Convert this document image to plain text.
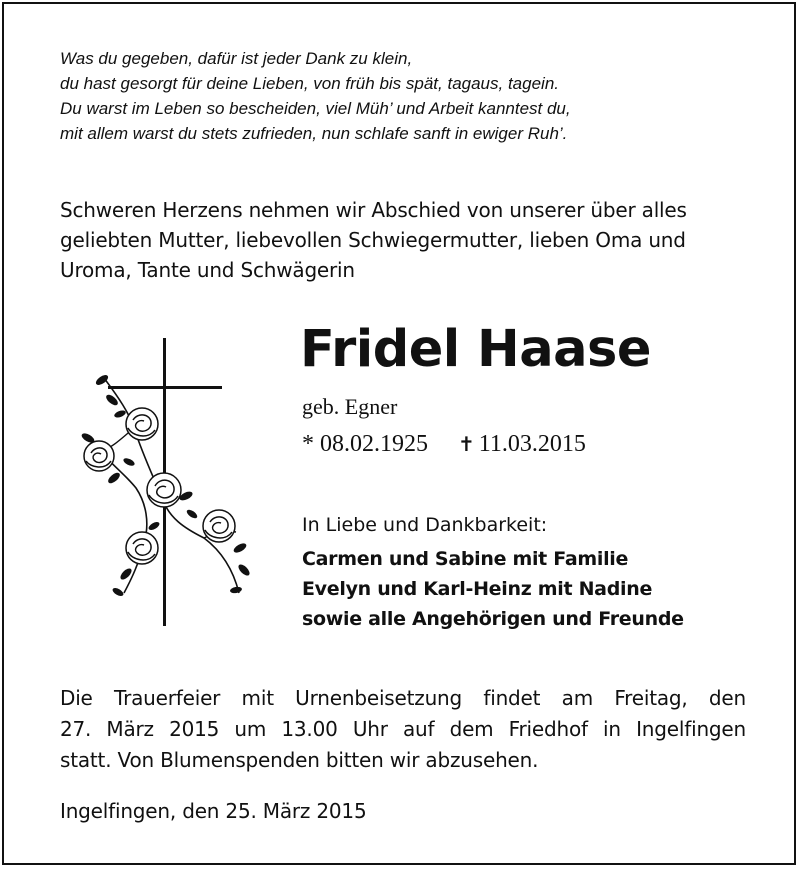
Was du gegeben, dafür ist jeder Dank zu klein,
du hast gesorgt für deine Lieben, von früh bis spät, tagaus, tagein.
Du warst im Leben so bescheiden, viel Müh’ und Arbeit kanntest du,
mit allem warst du stets zufrieden, nun schlafe sanft in ewiger Ruh’.
Schweren Herzens nehmen wir Abschied von unserer über alles
geliebten Mutter, liebevollen Schwiegermutter, lieben Oma und
Uroma, Tante und Schwägerin
Fridel Haase
geb. Egner
* 08.02.1925 ✝ 11.03.2015
In Liebe und Dankbarkeit:
Carmen und Sabine mit Familie
Evelyn und Karl-Heinz mit Nadine
sowie alle Angehörigen und Freunde
Die Trauerfeier mit Urnenbeisetzung findet am Freitag, den
27. März 2015 um 13.00 Uhr auf dem Friedhof in Ingelfingen
statt. Von Blumenspenden bitten wir abzusehen.
Ingelfingen, den 25. März 2015
